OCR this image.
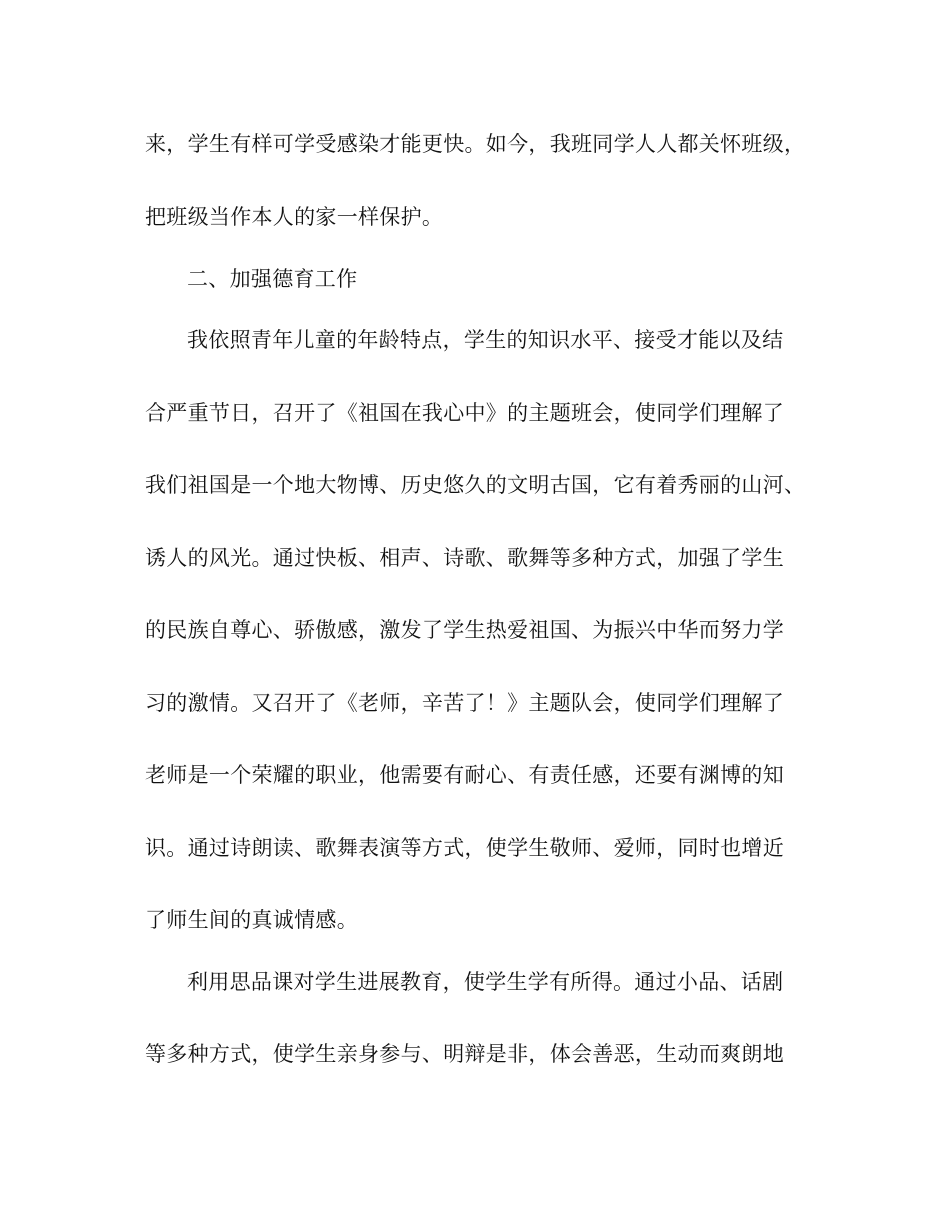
来，学生有样可学受感染才能更快。如今，我班同学人人都关怀班级，
把班级当作本人的家一样保护。
二、加强德育工作
我依照青年儿童的年龄特点，学生的知识水平、接受才能以及结
合严重节日，召开了《祖国在我心中》的主题班会，使同学们理解了
我们祖国是一个地大物博、历史悠久的文明古国，它有着秀丽的山河、
诱人的风光。通过快板、相声、诗歌、歌舞等多种方式，加强了学生
的民族自尊心、骄傲感，激发了学生热爱祖国、为振兴中华而努力学
习的激情。又召开了《老师，辛苦了！》主题队会，使同学们理解了
老师是一个荣耀的职业，他需要有耐心、有责任感，还要有渊博的知
识。通过诗朗读、歌舞表演等方式，使学生敬师、爱师，同时也增近
了师生间的真诚情感。
利用思品课对学生进展教育，使学生学有所得。通过小品、话剧
等多种方式，使学生亲身参与、明辩是非，体会善恶，生动而爽朗地
